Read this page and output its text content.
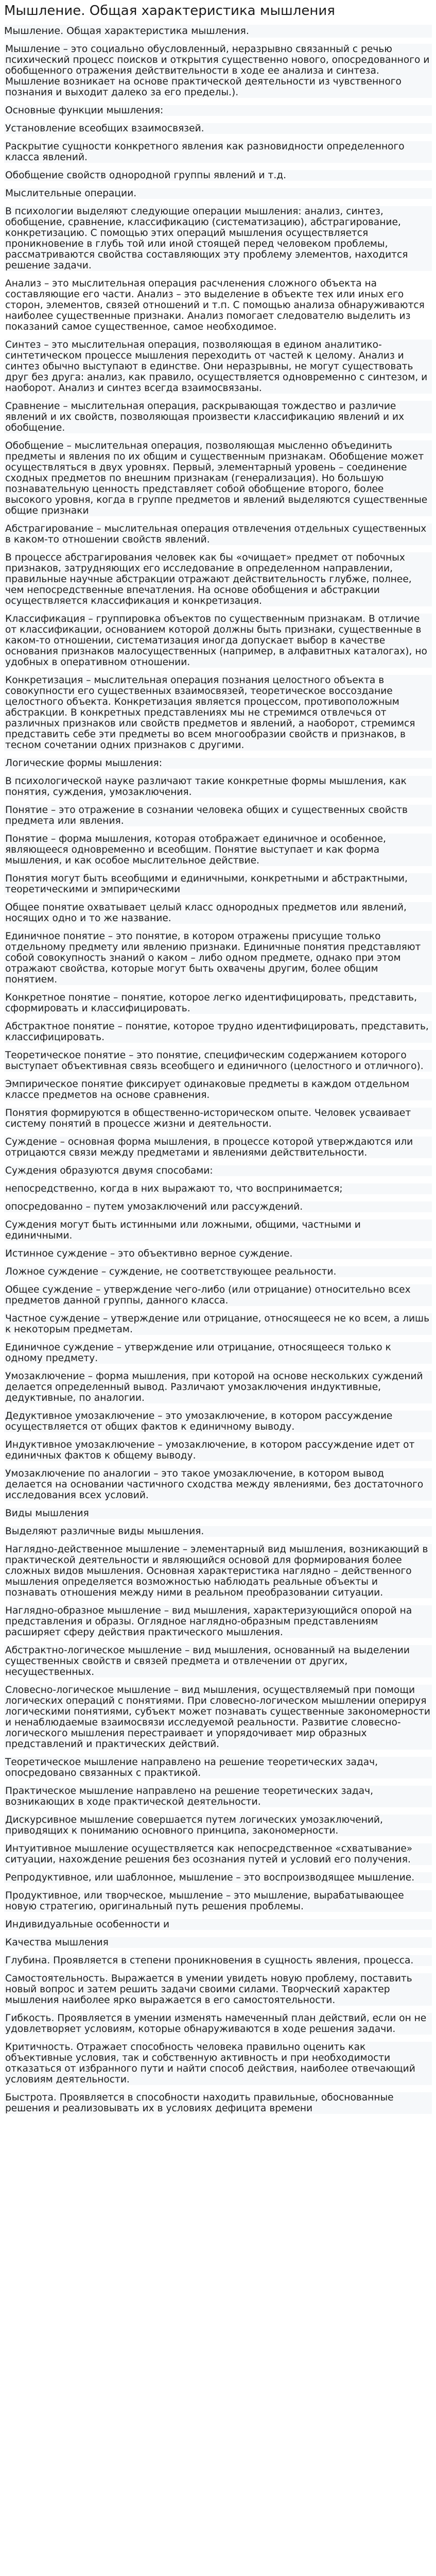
Мышление. Общая характеристика мышления
Мышление. Общая характеристика мышления.
Мышление – это социально обусловленный, неразрывно связанный с речью психический процесс поисков и открытия существенно нового, опосредованного и обобщенного отражения действительности в ходе ее анализа и синтеза. Мышление возникает на основе практической деятельности из чувственного познания и выходит далеко за его пределы.).
Основные функции мышления:
Установление всеобщих взаимосвязей.
Раскрытие сущности конкретного явления как разновидности определенного класса явлений.
Обобщение свойств однородной группы явлений и т.д.
Мыслительные операции.
В психологии выделяют следующие операции мышления: анализ, синтез, обобщение, сравнение, классификацию (систематизацию), абстрагирование, конкретизацию. С помощью этих операций мышления осуществляется проникновение в глубь той или иной стоящей перед человеком проблемы, рассматриваются свойства составляющих эту проблему элементов, находится решение задачи.
Анализ – это мыслительная операция расчленения сложного объекта на составляющие его части. Анализ – это выделение в объекте тех или иных его сторон, элементов, связей отношений и т.п. С помощью анализа обнаруживаются наиболее существенные признаки. Анализ помогает следователю выделить из показаний самое существенное, самое необходимое.
Синтез – это мыслительная операция, позволяющая в едином аналитико-синтетическом процессе мышления переходить от частей к целому. Анализ и синтез обычно выступают в единстве. Они неразрывны, не могут существовать друг без друга: анализ, как правило, осуществляется одновременно с синтезом, и наоборот. Анализ и синтез всегда взаимосвязаны.
Сравнение – мыслительная операция, раскрывающая тождество и различие явлений и их свойств, позволяющая произвести классификацию явлений и их обобщение.
Обобщение – мыслительная операция, позволяющая мысленно объединить предметы и явления по их общим и существенным признакам. Обобщение может осуществляться в двух уровнях. Первый, элементарный уровень – соединение сходных предметов по внешним признакам (генерализация). Но большую познавательную ценность представляет собой обобщение второго, более высокого уровня, когда в группе предметов и явлений выделяются существенные общие признаки
Абстрагирование – мыслительная операция отвлечения отдельных существенных в каком-то отношении свойств явлений.
В процессе абстрагирования человек как бы «очищает» предмет от побочных признаков, затрудняющих его исследование в определенном направлении, правильные научные абстракции отражают действительность глубже, полнее, чем непосредственные впечатления. На основе обобщения и абстракции осуществляется классификация и конкретизация.
Классификация – группировка объектов по существенным признакам. В отличие от классификации, основанием которой должны быть признаки, существенные в каком-то отношении, систематизация иногда допускает выбор в качестве основания признаков малосущественных (например, в алфавитных каталогах), но удобных в оперативном отношении.
Конкретизация – мыслительная операция познания целостного объекта в совокупности его существенных взаимосвязей, теоретическое воссоздание целостного объекта. Конкретизация является процессом, противоположным абстракции. В конкретных представлениях мы не стремимся отвлечься от различных признаков или свойств предметов и явлений, а наоборот, стремимся представить себе эти предметы во всем многообразии свойств и признаков, в тесном сочетании одних признаков с другими.
Логические формы мышления:
В психологической науке различают такие конкретные формы мышления, как понятия, суждения, умозаключения.
Понятие – это отражение в сознании человека общих и существенных свойств предмета или явления.
Понятие – форма мышления, которая отображает единичное и особенное, являющееся одновременно и всеобщим. Понятие выступает и как форма мышления, и как особое мыслительное действие.
Понятия могут быть всеобщими и единичными, конкретными и абстрактными, теоретическими и эмпирическими
Общее понятие охватывает целый класс однородных предметов или явлений, носящих одно и то же название.
Единичное понятие – это понятие, в котором отражены присущие только отдельному предмету или явлению признаки. Единичные понятия представляют собой совокупность знаний о каком – либо одном предмете, однако при этом отражают свойства, которые могут быть охвачены другим, более общим понятием.
Конкретное понятие – понятие, которое легко идентифицировать, представить, сформировать и классифицировать.
Абстрактное понятие – понятие, которое трудно идентифицировать, представить, классифицировать.
Теоретическое понятие – это понятие, специфическим содержанием которого выступает объективная связь всеобщего и единичного (целостного и отличного).
Эмпирическое понятие фиксирует одинаковые предметы в каждом отдельном классе предметов на основе сравнения.
Понятия формируются в общественно-историческом опыте. Человек усваивает систему понятий в процессе жизни и деятельности.
Суждение – основная форма мышления, в процессе которой утверждаются или отрицаются связи между предметами и явлениями действительности.
Суждения образуются двумя способами:
непосредственно, когда в них выражают то, что воспринимается;
опосредованно – путем умозаключений или рассуждений.
Суждения могут быть истинными или ложными, общими, частными и единичными.
Истинное суждение – это объективно верное суждение.
Ложное суждение – суждение, не соответствующее реальности.
Общее суждение – утверждение чего-либо (или отрицание) относительно всех предметов данной группы, данного класса.
Частное суждение – утверждение или отрицание, относящееся не ко всем, а лишь к некоторым предметам.
Единичное суждение – утверждение или отрицание, относящееся только к одному предмету.
Умозаключение – форма мышления, при которой на основе нескольких суждений делается определенный вывод. Различают умозаключения индуктивные, дедуктивные, по аналогии.
Дедуктивное умозаключение – это умозаключение, в котором рассуждение осуществляется от общих фактов к единичному выводу.
Индуктивное умозаключение – умозаключение, в котором рассуждение идет от единичных фактов к общему выводу.
Умозаключение по аналогии – это такое умозаключение, в котором вывод делается на основании частичного сходства между явлениями, без достаточного исследования всех условий.
Виды мышления
Выделяют различные виды мышления.
Наглядно-действенное мышление – элементарный вид мышления, возникающий в практической деятельности и являющийся основой для формирования более сложных видов мышления. Основная характеристика наглядно – действенного мышления определяется возможностью наблюдать реальные объекты и познавать отношения между ними в реальном преобразовании ситуации.
Наглядно-образное мышление – вид мышления, характеризующийся опорой на представления и образы. Оглядное наглядно-образным представлениям расширяет сферу действия практического мышления.
Абстрактно-логическое мышление – вид мышления, основанный на выделении существенных свойств и связей предмета и отвлечении от других, несущественных.
Словесно-логическое мышление – вид мышления, осуществляемый при помощи логических операций с понятиями. При словесно-логическом мышлении оперируя логическими понятиями, субъект может познавать существенные закономерности и ненаблюдаемые взаимосвязи исследуемой реальности. Развитие словесно-логического мышления перестраивает и упорядочивает мир образных представлений и практических действий.
Теоретическое мышление направлено на решение теоретических задач, опосредовано связанных с практикой.
Практическое мышление направлено на решение теоретических задач, возникающих в ходе практической деятельности.
Дискурсивное мышление совершается путем логических умозаключений, приводящих к пониманию основного принципа, закономерности.
Интуитивное мышление осуществляется как непосредственное «схватывание» ситуации, нахождение решения без осознания путей и условий его получения.
Репродуктивное, или шаблонное, мышление – это воспроизводящее мышление.
Продуктивное, или творческое, мышление – это мышление, вырабатывающее новую стратегию, оригинальный путь решения проблемы.
Индивидуальные особенности и
Качества мышления
Глубина. Проявляется в степени проникновения в сущность явления, процесса.
Самостоятельность. Выражается в умении увидеть новую проблему, поставить новый вопрос и затем решить задачи своими силами. Творческий характер мышления наиболее ярко выражается в его самостоятельности.
Гибкость. Проявляется в умении изменять намеченный план действий, если он не удовлетворяет условиям, которые обнаруживаются в ходе решения задачи.
Критичность. Отражает способность человека правильно оценить как объективные условия, так и собственную активность и при необходимости отказаться от избранного пути и найти способ действия, наиболее отвечающий условиям деятельности.
Быстрота. Проявляется в способности находить правильные, обоснованные решения и реализовывать их в условиях дефицита времени
